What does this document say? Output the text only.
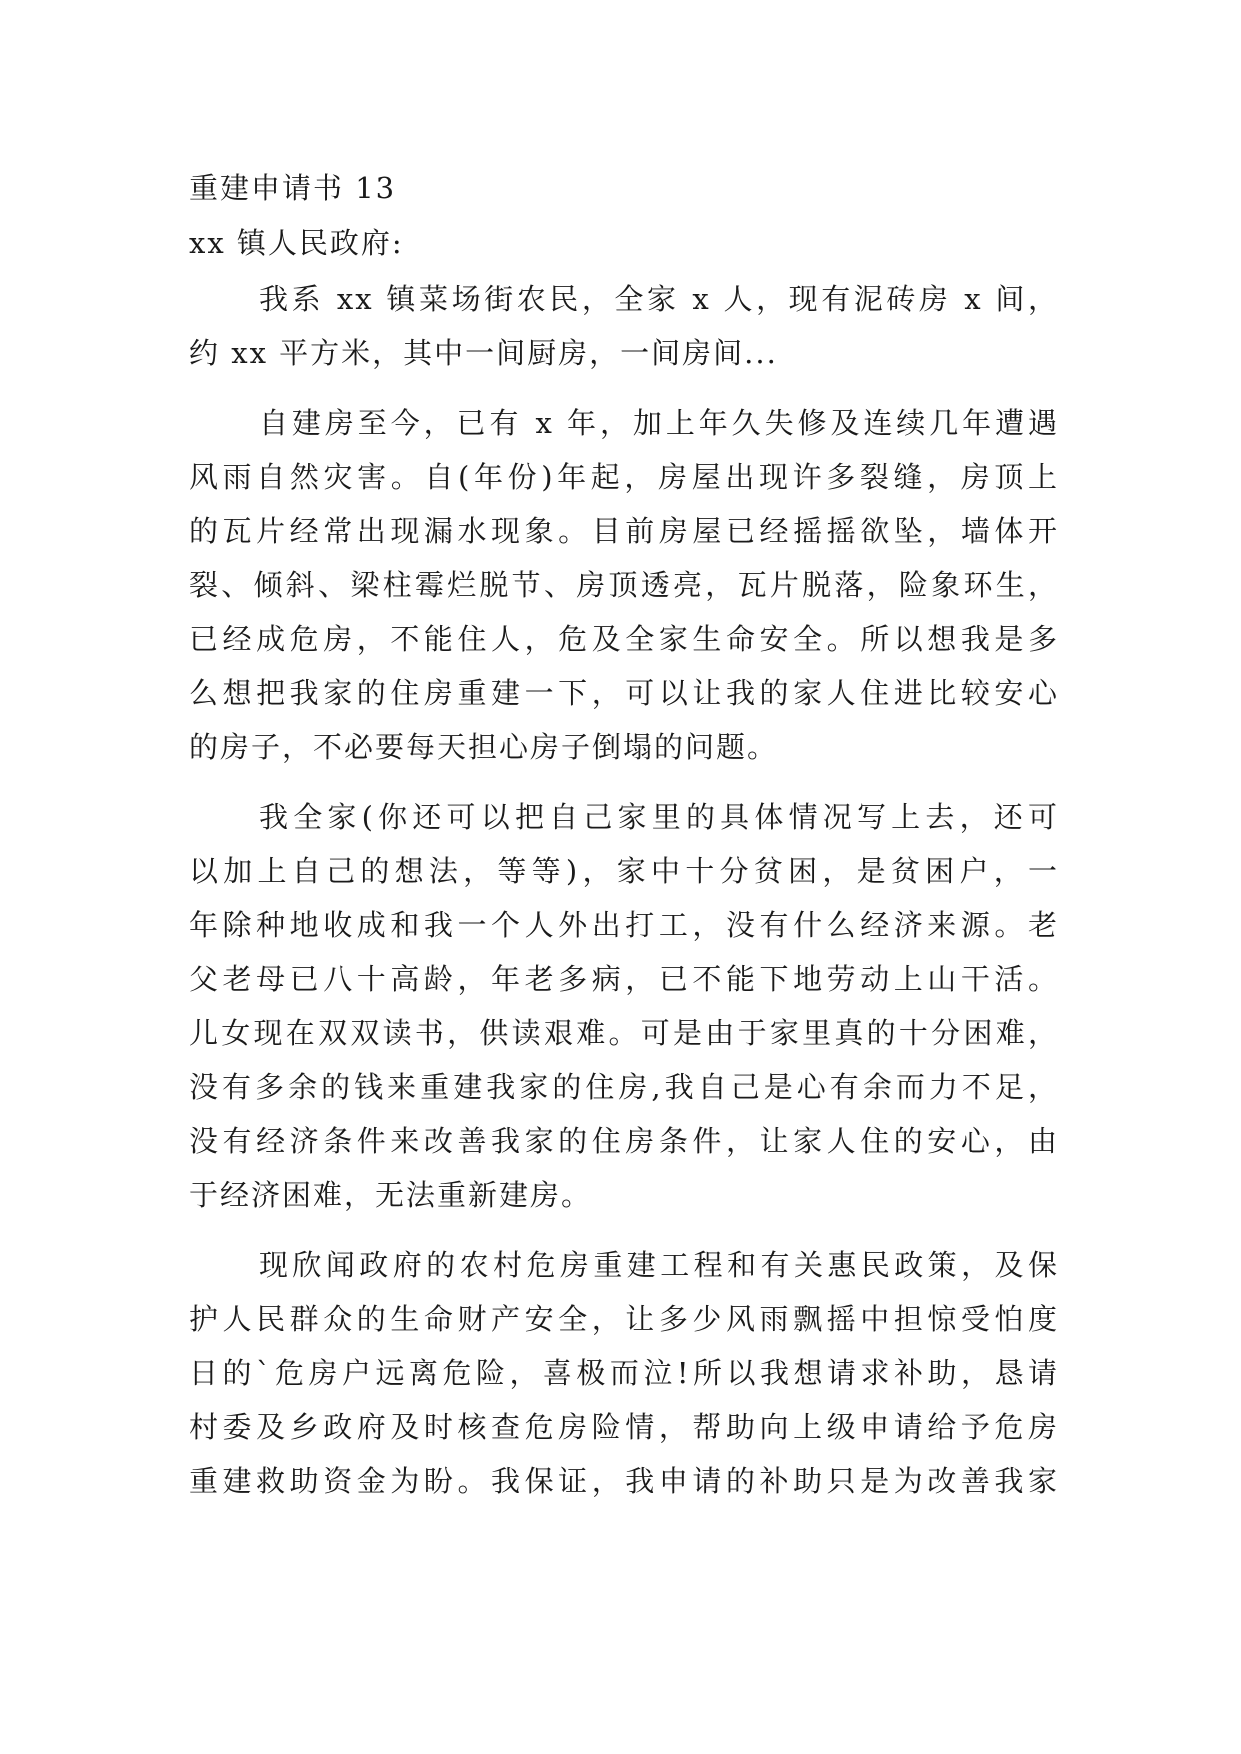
重建申请书 13
xx 镇人民政府:
我系 xx 镇菜场街农民，全家 x 人，现有泥砖房 x 间，
约 xx 平方米，其中一间厨房，一间房间...
自建房至今，已有 x 年，加上年久失修及连续几年遭遇
风雨自然灾害。自(年份)年起，房屋出现许多裂缝，房顶上
的瓦片经常出现漏水现象。目前房屋已经摇摇欲坠，墙体开
裂、倾斜、梁柱霉烂脱节、房顶透亮，瓦片脱落，险象环生，
已经成危房，不能住人，危及全家生命安全。所以想我是多
么想把我家的住房重建一下，可以让我的家人住进比较安心
的房子，不必要每天担心房子倒塌的问题。
我全家(你还可以把自己家里的具体情况写上去，还可
以加上自己的想法，等等)，家中十分贫困，是贫困户，一
年除种地收成和我一个人外出打工，没有什么经济来源。老
父老母已八十高龄，年老多病，已不能下地劳动上山干活。
儿女现在双双读书，供读艰难。可是由于家里真的十分困难，
没有多余的钱来重建我家的住房,我自己是心有余而力不足，
没有经济条件来改善我家的住房条件，让家人住的安心，由
于经济困难，无法重新建房。
现欣闻政府的农村危房重建工程和有关惠民政策，及保
护人民群众的生命财产安全，让多少风雨飘摇中担惊受怕度
日的`危房户远离危险，喜极而泣!所以我想请求补助，恳请
村委及乡政府及时核查危房险情，帮助向上级申请给予危房
重建救助资金为盼。我保证，我申请的补助只是为改善我家
